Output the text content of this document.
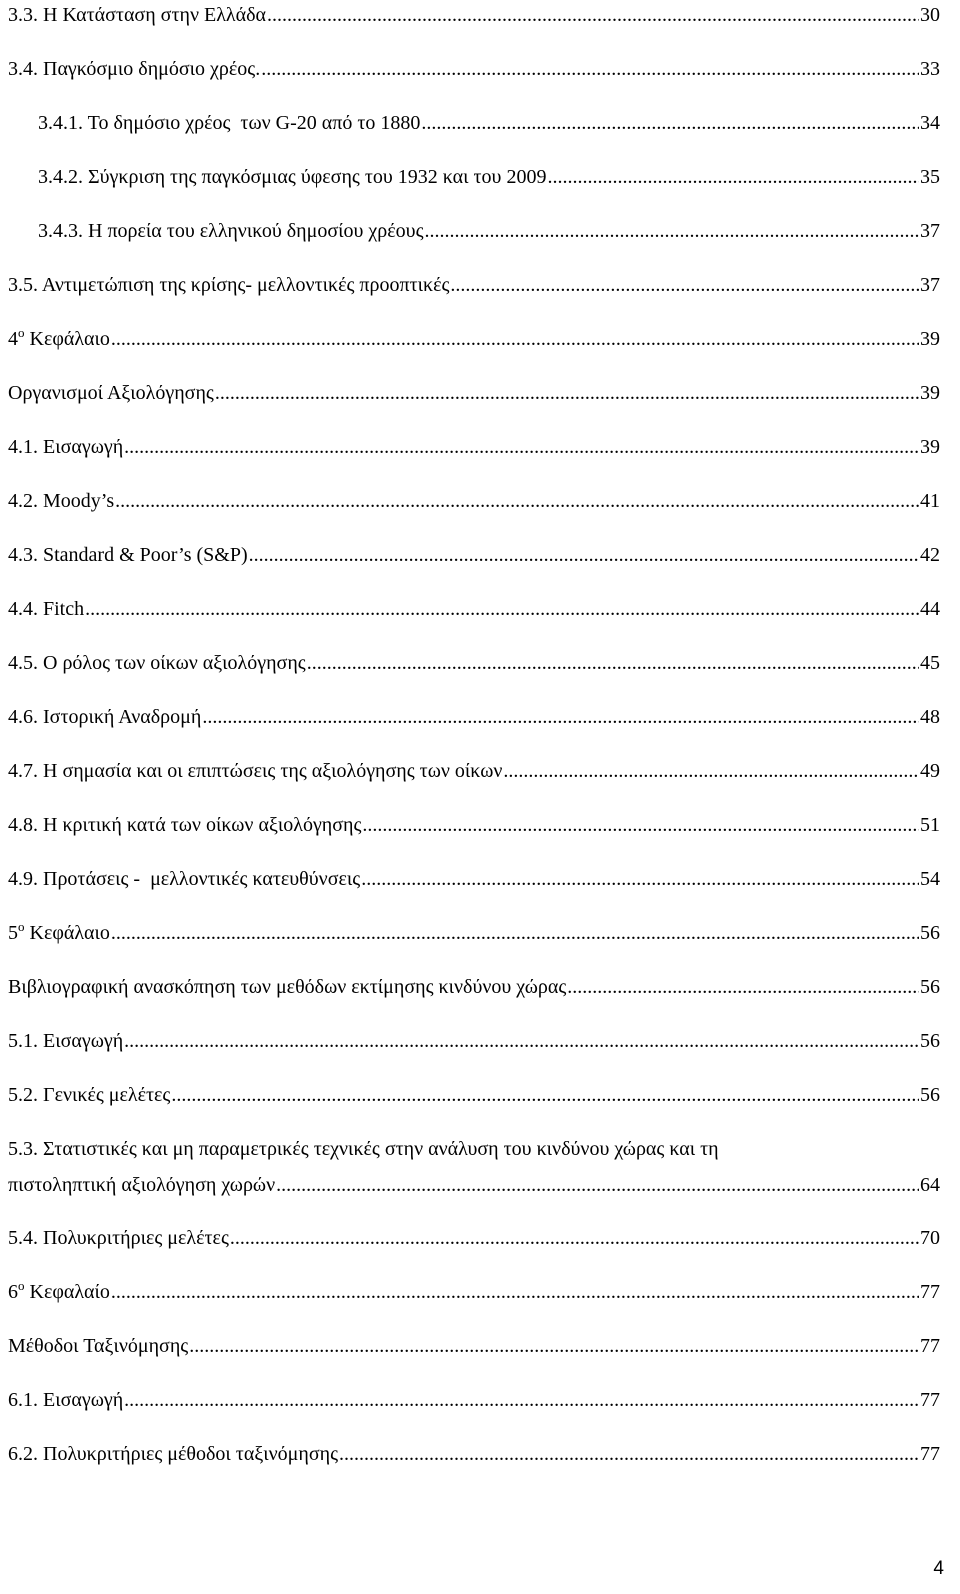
3.3. Η Κατάσταση στην Ελλάδα .....	30
3.4. Παγκόσμιο δημόσιο χρέος. .....	33
3.4.1. Το δημόσιο χρέος  των G-20 από το 1880 .....	34
3.4.2. Σύγκριση της παγκόσμιας ύφεσης του 1932 και του 2009 .....	35
3.4.3. Η πορεία του ελληνικού δημοσίου χρέους .....	37
3.5. Αντιμετώπιση της κρίσης- μελλοντικές προοπτικές .....	37
$4^o$ Κεφάλαιο .....	39
Οργανισμοί Αξιολόγησης .....	39
4.1. Εισαγωγή .....	39
4.2. Moody’s .....	41
4.3. Standard & Poor’s (S&P) .....	42
4.4. Fitch .....	44
4.5. Ο ρόλος των οίκων αξιολόγησης .....	45
4.6. Ιστορική Αναδρομή .....	48
4.7. Η σημασία και οι επιπτώσεις της αξιολόγησης των οίκων .....	49
4.8. Η κριτική κατά των οίκων αξιολόγησης .....	51
4.9. Προτάσεις -  μελλοντικές κατευθύνσεις .....	54
$5^o$ Κεφάλαιο .....	56
Βιβλιογραφική ανασκόπηση των μεθόδων εκτίμησης κινδύνου χώρας .....	56
5.1. Εισαγωγή .....	56
5.2. Γενικές μελέτες .....	56
5.3. Στατιστικές και μη παραμετρικές τεχνικές στην ανάλυση του κινδύνου χώρας και τη
πιστοληπτική αξιολόγηση χωρών .....	64
5.4. Πολυκριτήριες μελέτες .....	70
$6^o$ Κεφαλαίο .....	77
Μέθοδοι Ταξινόμησης .....	77
6.1. Εισαγωγή .....	77
6.2. Πολυκριτήριες μέθοδοι ταξινόμησης .....	77
4
